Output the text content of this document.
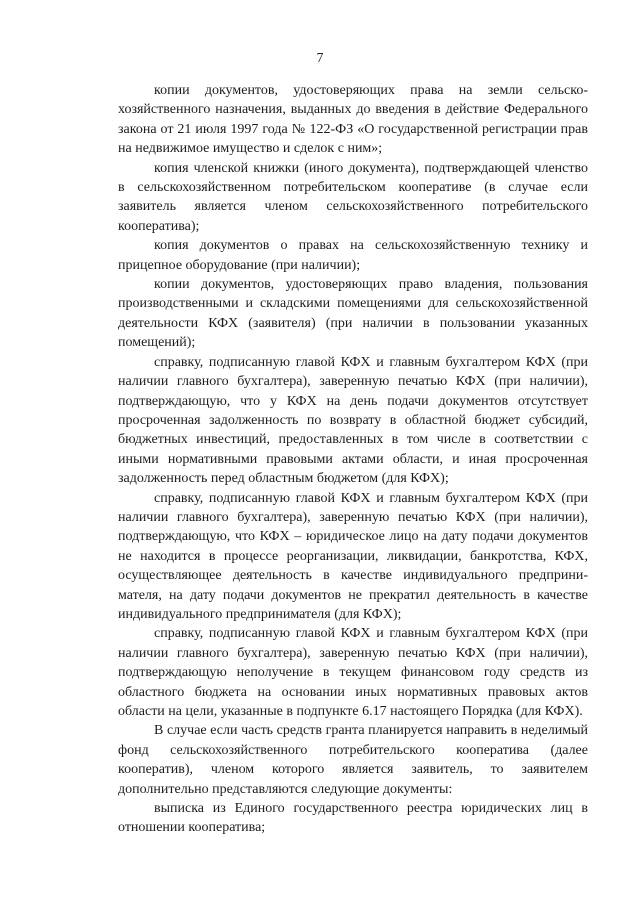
7

копии документов, удостоверяющих права на земли сельско-хозяйственного назначения, выданных до введения в действие Федерального закона от 21 июля 1997 года № 122-ФЗ «О государственной регистрации прав на недвижимое имущество и сделок с ним»;

копия членской книжки (иного документа), подтверждающей членство в сельскохозяйственном потребительском кооперативе (в случае если заявитель является членом сельскохозяйственного потребительского кооператива);

копия документов о правах на сельскохозяйственную технику и прицепное оборудование (при наличии);

копии документов, удостоверяющих право владения, пользования производственными и складскими помещениями для сельскохозяйственной деятельности КФХ (заявителя) (при наличии в пользовании указанных помещений);

справку, подписанную главой КФХ и главным бухгалтером КФХ (при наличии главного бухгалтера), заверенную печатью КФХ (при наличии), подтверждающую, что у КФХ на день подачи документов отсутствует просроченная задолженность по возврату в областной бюджет субсидий, бюджетных инвестиций, предоставленных в том числе в соответствии с иными нормативными правовыми актами области, и иная просроченная задолженность перед областным бюджетом (для КФХ);

справку, подписанную главой КФХ и главным бухгалтером КФХ (при наличии главного бухгалтера), заверенную печатью КФХ (при наличии), подтверждающую, что КФХ – юридическое лицо на дату подачи документов не находится в процессе реорганизации, ликвидации, банкротства, КФХ, осуществляющее деятельность в качестве индивидуального предприни-мателя, на дату подачи документов не прекратил деятельность в качестве индивидуального предпринимателя (для КФХ);

справку, подписанную главой КФХ и главным бухгалтером КФХ (при наличии главного бухгалтера), заверенную печатью КФХ (при наличии), подтверждающую неполучение в текущем финансовом году средств из областного бюджета на основании иных нормативных правовых актов области на цели, указанные в подпункте 6.17 настоящего Порядка (для КФХ).

В случае если часть средств гранта планируется направить в неделимый фонд сельскохозяйственного потребительского кооператива (далее кооператив), членом которого является заявитель, то заявителем дополнительно представляются следующие документы:

выписка из Единого государственного реестра юридических лиц в отношении кооператива;
